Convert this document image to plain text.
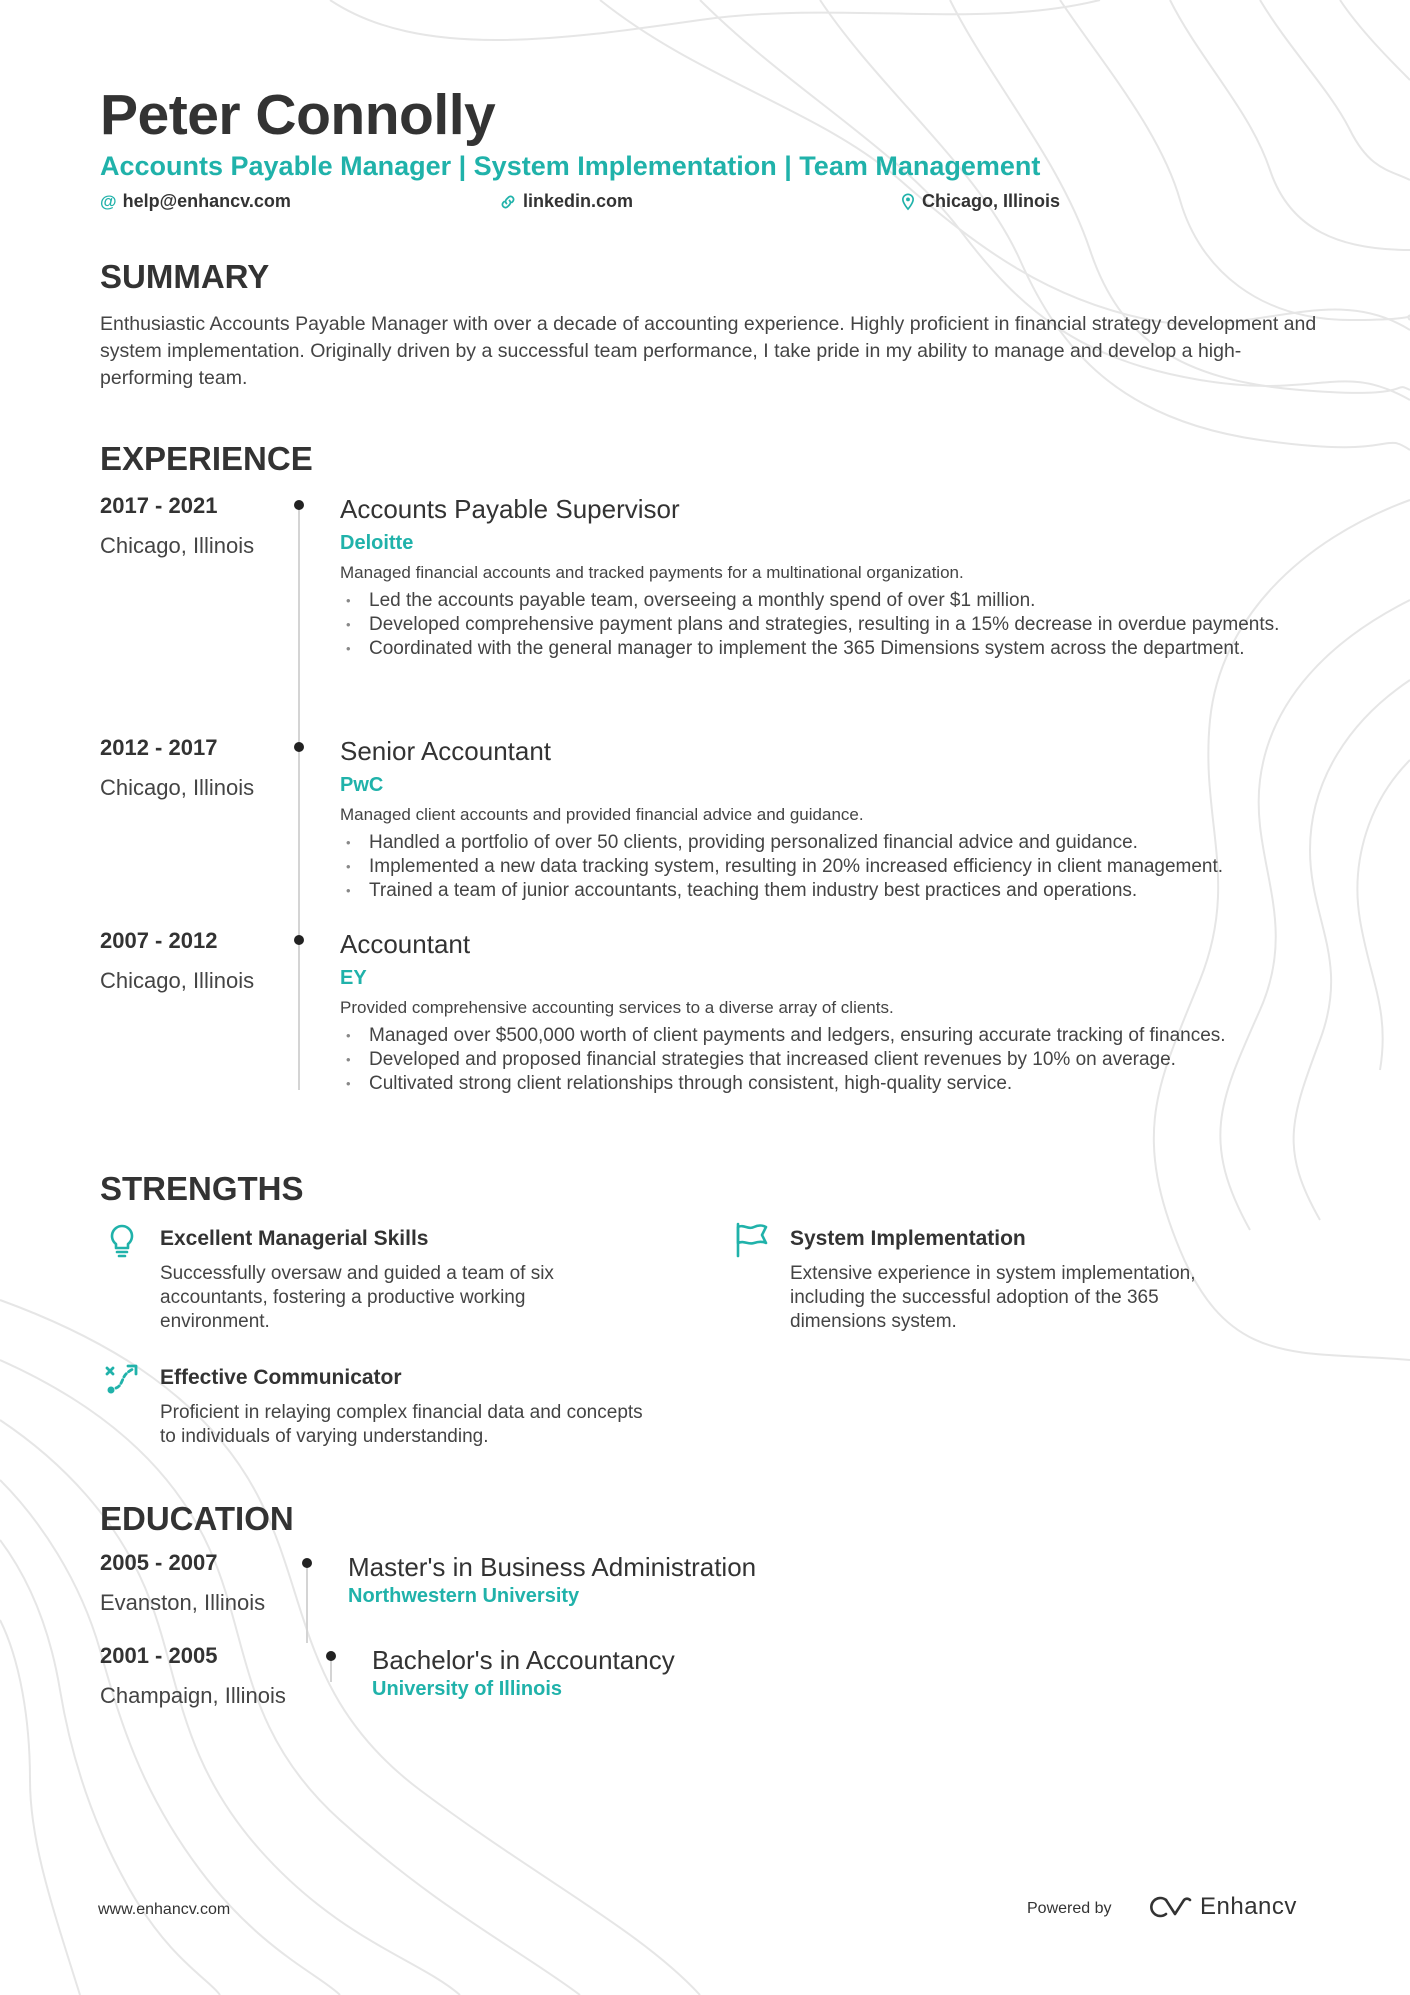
Peter Connolly
Accounts Payable Manager | System Implementation | Team Management
@ help@enhancv.com	linkedin.com	Chicago, Illinois
SUMMARY
Enthusiastic Accounts Payable Manager with over a decade of accounting experience. Highly proficient in financial strategy development and system implementation. Originally driven by a successful team performance, I take pride in my ability to manage and develop a high-performing team.
EXPERIENCE
2017 - 2021
Chicago, Illinois
Accounts Payable Supervisor
Deloitte
Managed financial accounts and tracked payments for a multinational organization.
• Led the accounts payable team, overseeing a monthly spend of over $1 million.
• Developed comprehensive payment plans and strategies, resulting in a 15% decrease in overdue payments.
• Coordinated with the general manager to implement the 365 Dimensions system across the department.
2012 - 2017
Chicago, Illinois
Senior Accountant
PwC
Managed client accounts and provided financial advice and guidance.
• Handled a portfolio of over 50 clients, providing personalized financial advice and guidance.
• Implemented a new data tracking system, resulting in 20% increased efficiency in client management.
• Trained a team of junior accountants, teaching them industry best practices and operations.
2007 - 2012
Chicago, Illinois
Accountant
EY
Provided comprehensive accounting services to a diverse array of clients.
• Managed over $500,000 worth of client payments and ledgers, ensuring accurate tracking of finances.
• Developed and proposed financial strategies that increased client revenues by 10% on average.
• Cultivated strong client relationships through consistent, high-quality service.
STRENGTHS
Excellent Managerial Skills
Successfully oversaw and guided a team of six accountants, fostering a productive working environment.
System Implementation
Extensive experience in system implementation, including the successful adoption of the 365 dimensions system.
Effective Communicator
Proficient in relaying complex financial data and concepts to individuals of varying understanding.
EDUCATION
2005 - 2007
Evanston, Illinois
Master's in Business Administration
Northwestern University
2001 - 2005
Champaign, Illinois
Bachelor's in Accountancy
University of Illinois
www.enhancv.com	Powered by	Enhancv
